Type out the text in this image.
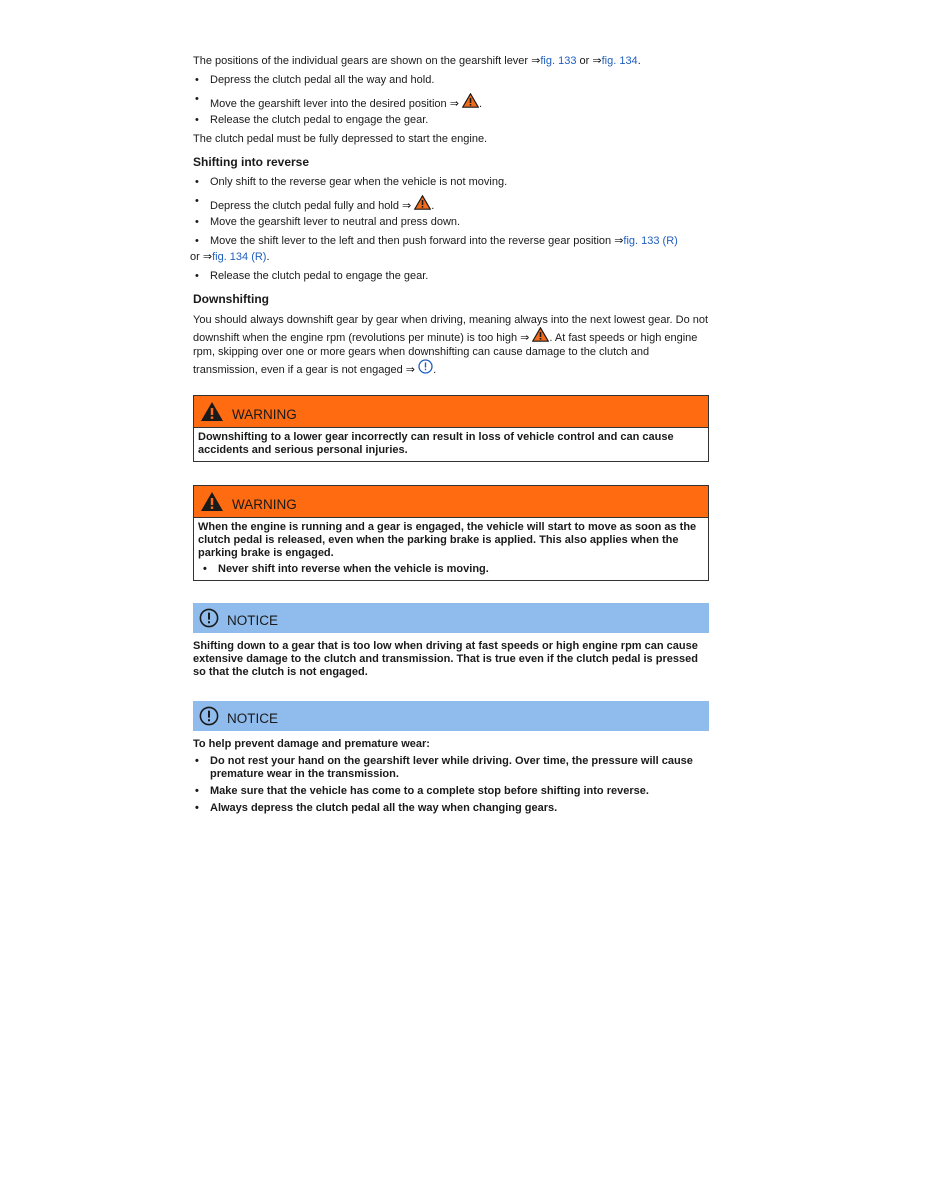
The positions of the individual gears are shown on the gearshift lever ⇒fig. 133 or ⇒fig. 134.

• Depress the clutch pedal all the way and hold.
• Move the gearshift lever into the desired position ⇒ .
• Release the clutch pedal to engage the gear.

The clutch pedal must be fully depressed to start the engine.

Shifting into reverse

• Only shift to the reverse gear when the vehicle is not moving.
• Depress the clutch pedal fully and hold ⇒ .
• Move the gearshift lever to neutral and press down.
• Move the shift lever to the left and then push forward into the reverse gear position ⇒fig. 133 (R)

or ⇒fig. 134 (R).

• Release the clutch pedal to engage the gear.

Downshifting

You should always downshift gear by gear when driving, meaning always into the next lowest gear. Do not downshift when the engine rpm (revolutions per minute) is too high ⇒ . At fast speeds or high engine rpm, skipping over one or more gears when downshifting can cause damage to the clutch and transmission, even if a gear is not engaged ⇒ .

WARNING
Downshifting to a lower gear incorrectly can result in loss of vehicle control and can cause accidents and serious personal injuries.
WARNING
When the engine is running and a gear is engaged, the vehicle will start to move as soon as the clutch pedal is released, even when the parking brake is applied. This also applies when the parking brake is engaged.
• Never shift into reverse when the vehicle is moving.
NOTICE
Shifting down to a gear that is too low when driving at fast speeds or high engine rpm can cause extensive damage to the clutch and transmission. That is true even if the clutch pedal is pressed so that the clutch is not engaged.
NOTICE
To help prevent damage and premature wear:
• Do not rest your hand on the gearshift lever while driving. Over time, the pressure will cause premature wear in the transmission.
• Make sure that the vehicle has come to a complete stop before shifting into reverse.
• Always depress the clutch pedal all the way when changing gears.
